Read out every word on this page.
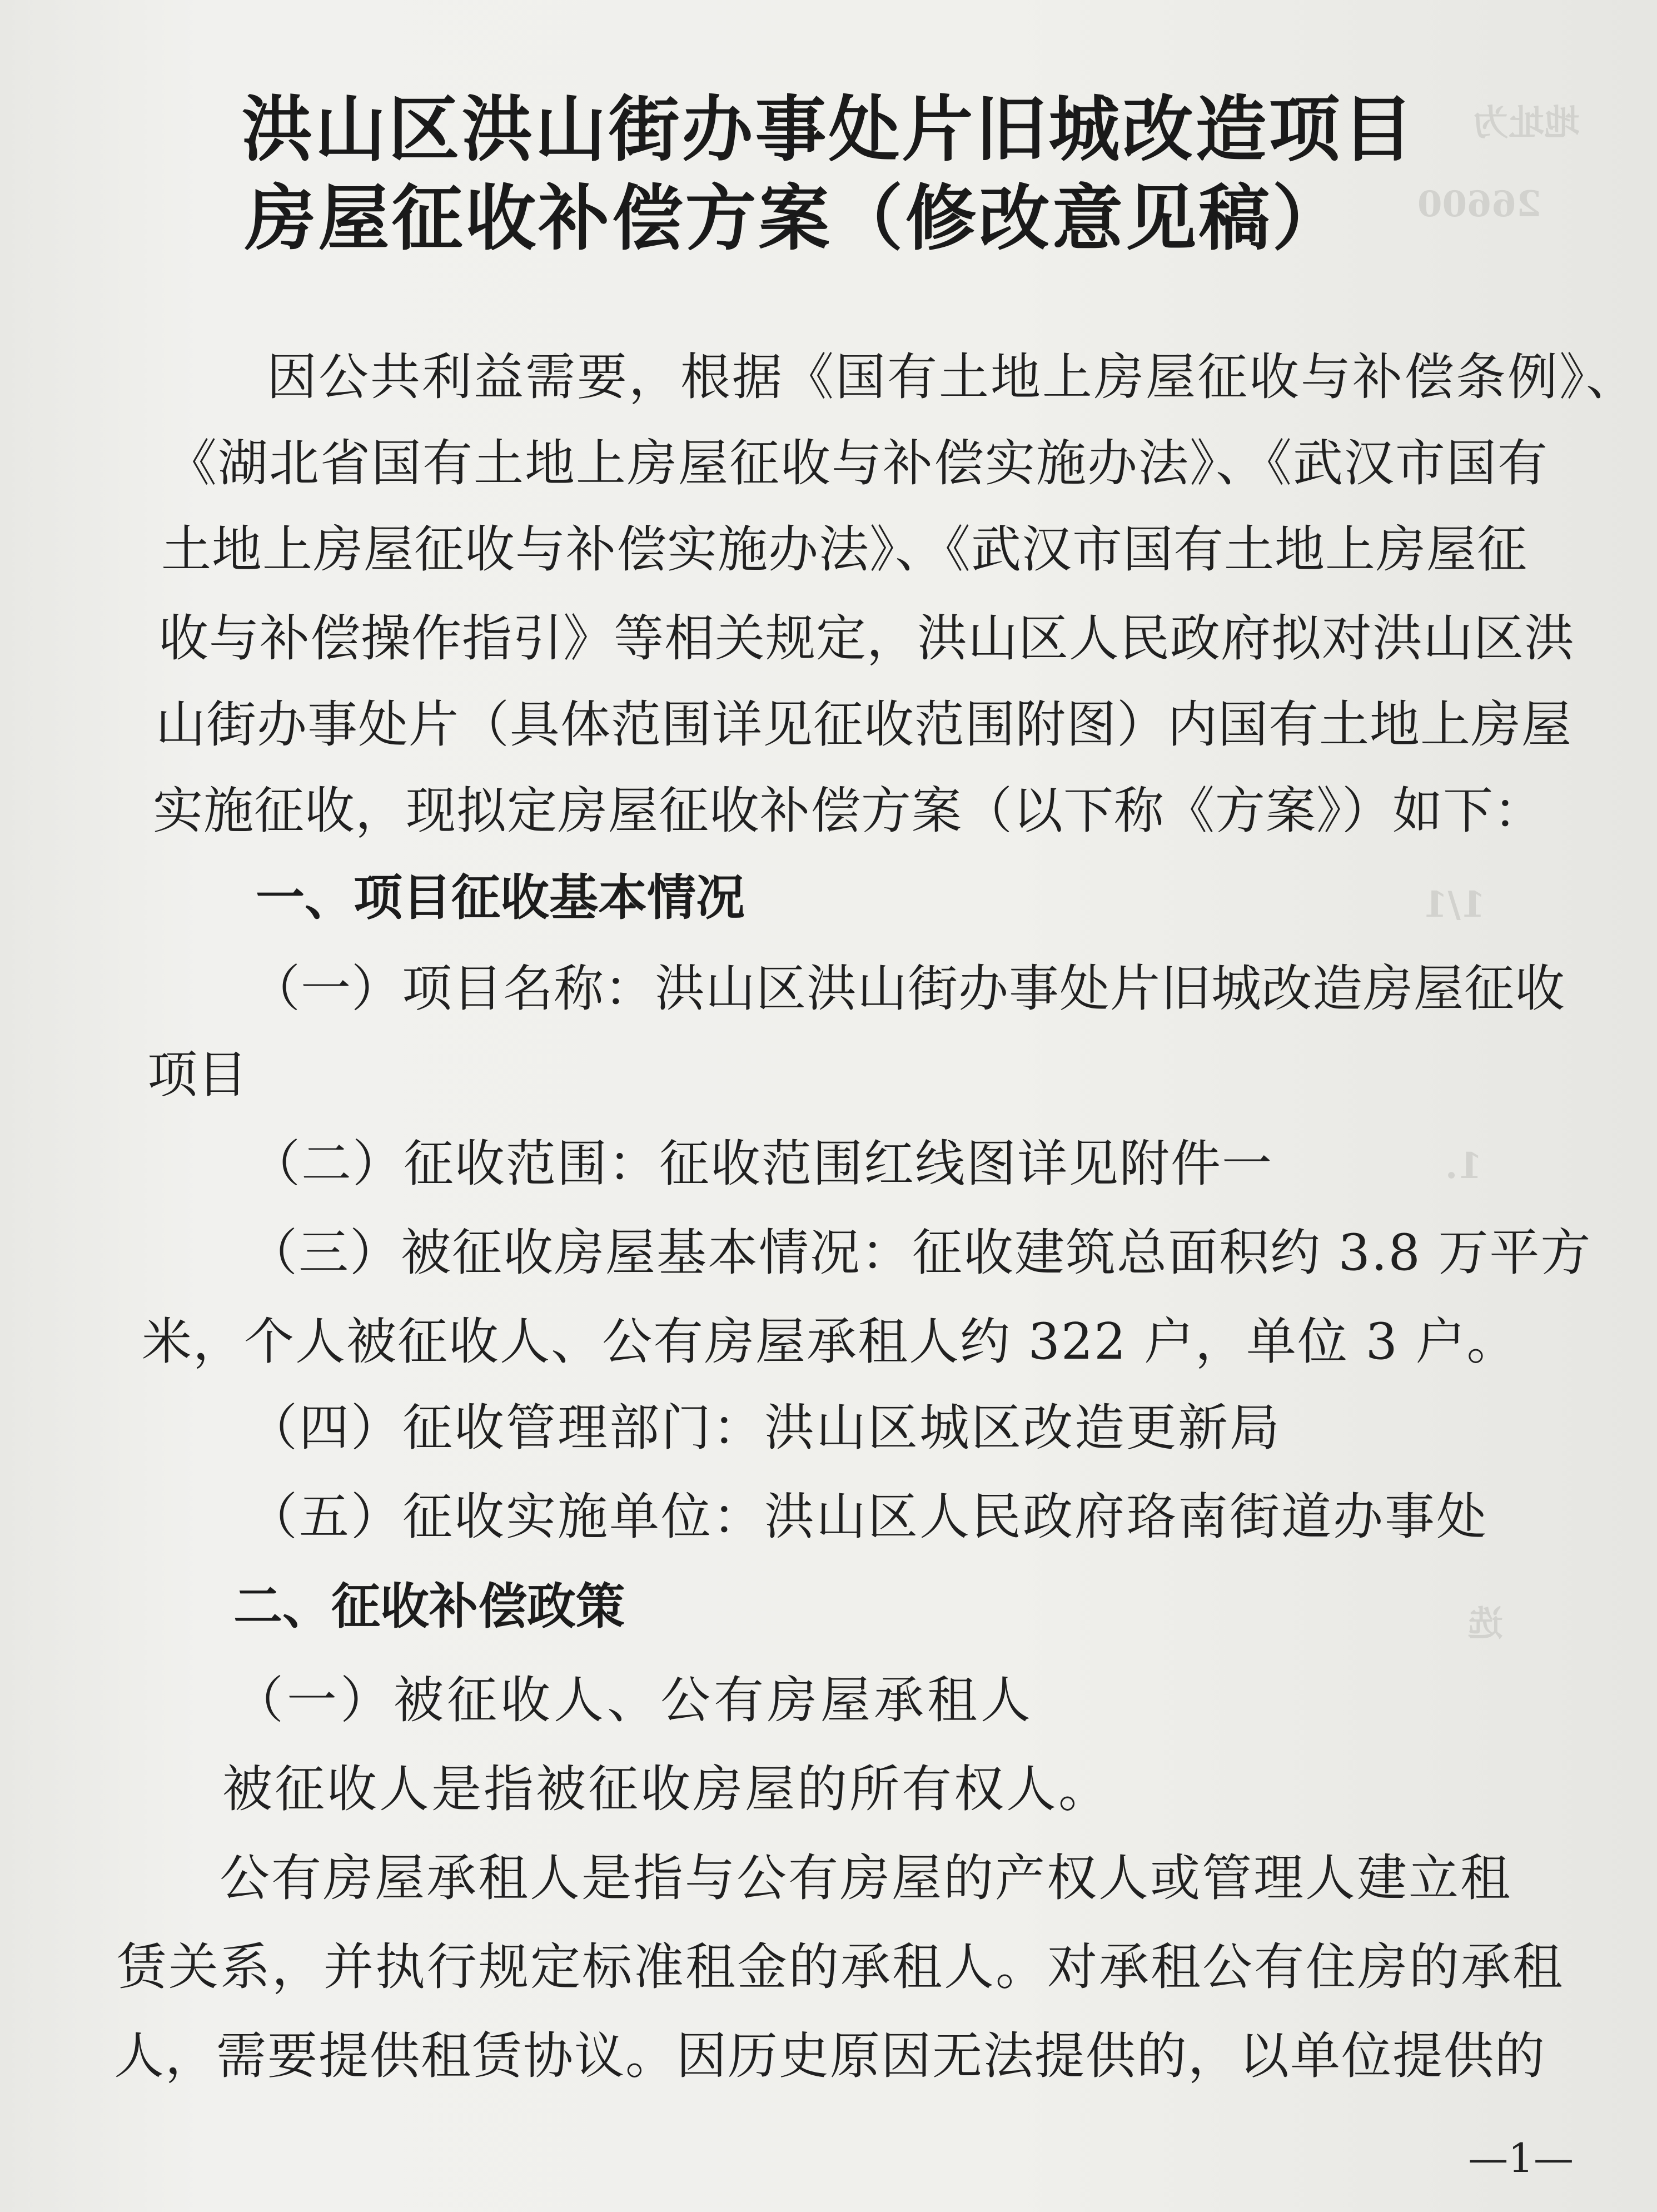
地址为
26600
1/1
1.
选
洪山区洪山街办事处片旧城改造项目
房屋征收补偿方案（修改意见稿）
因公共利益需要，根据《国有土地上房屋征收与补偿条例》、
《湖北省国有土地上房屋征收与补偿实施办法》、《武汉市国有
土地上房屋征收与补偿实施办法》、《武汉市国有土地上房屋征
收与补偿操作指引》等相关规定，洪山区人民政府拟对洪山区洪
山街办事处片（具体范围详见征收范围附图）内国有土地上房屋
实施征收，现拟定房屋征收补偿方案（以下称《方案》）如下：
一、项目征收基本情况
（一）项目名称：洪山区洪山街办事处片旧城改造房屋征收
项目
（二）征收范围：征收范围红线图详见附件一
（三）被征收房屋基本情况：征收建筑总面积约 3.8 万平方
米，个人被征收人、公有房屋承租人约 322 户，单位 3 户。
（四）征收管理部门：洪山区城区改造更新局
（五）征收实施单位：洪山区人民政府珞南街道办事处
二、征收补偿政策
（一）被征收人、公有房屋承租人
被征收人是指被征收房屋的所有权人。
公有房屋承租人是指与公有房屋的产权人或管理人建立租
赁关系，并执行规定标准租金的承租人。对承租公有住房的承租
人，需要提供租赁协议。因历史原因无法提供的，以单位提供的
—1—
